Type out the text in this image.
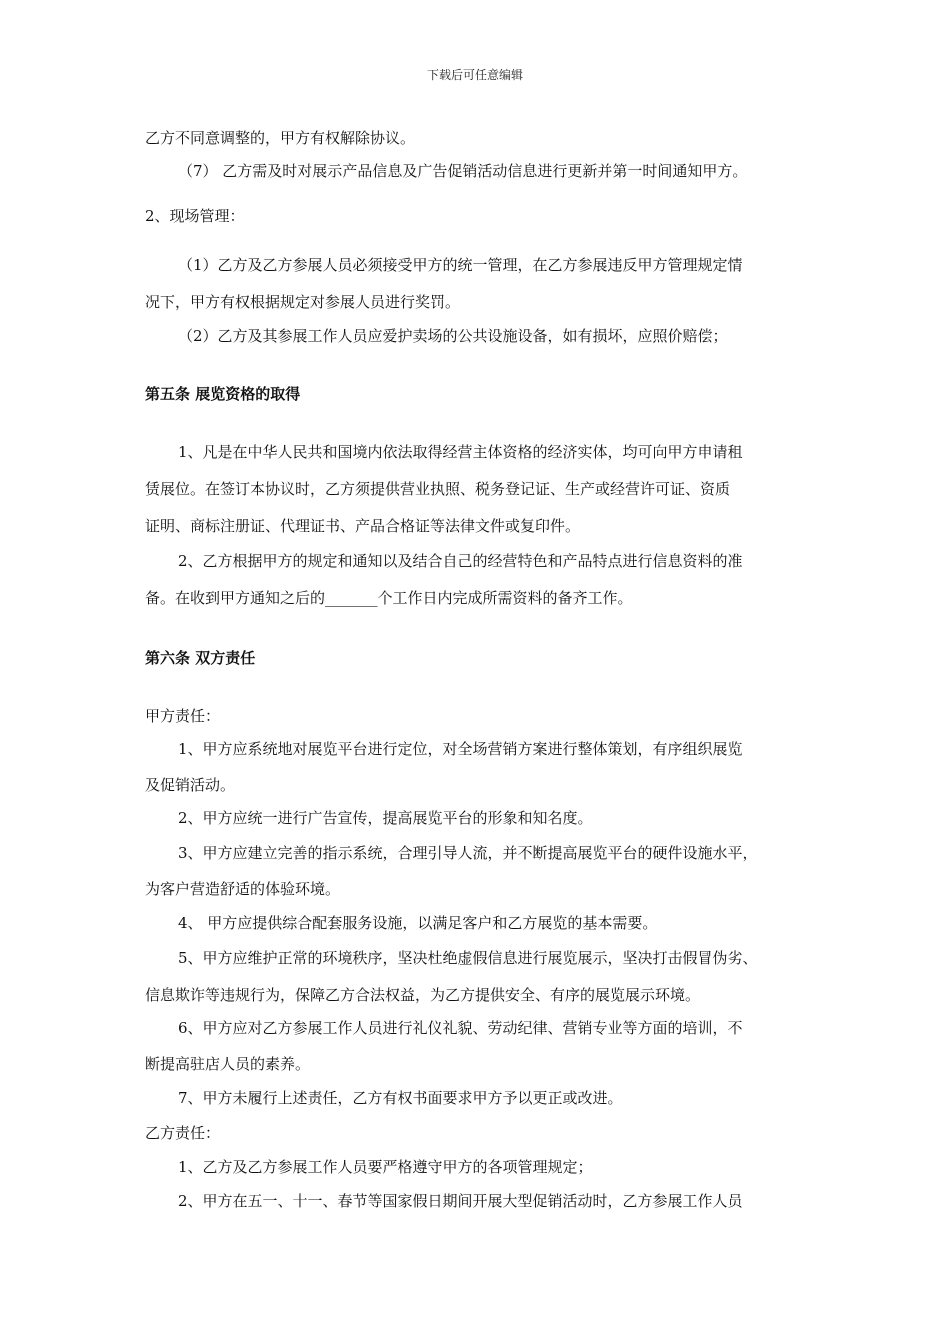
下载后可任意编辑
乙方不同意调整的，甲方有权解除协议。
（7） 乙方需及时对展示产品信息及广告促销活动信息进行更新并第一时间通知甲方。
2、现场管理：
（1）乙方及乙方参展人员必须接受甲方的统一管理，在乙方参展违反甲方管理规定情
况下，甲方有权根据规定对参展人员进行奖罚。
（2）乙方及其参展工作人员应爱护卖场的公共设施设备，如有损坏，应照价赔偿；
第五条 展览资格的取得
1、凡是在中华人民共和国境内依法取得经营主体资格的经济实体，均可向甲方申请租
赁展位。在签订本协议时，乙方须提供营业执照、税务登记证、生产或经营许可证、资质
证明、商标注册证、代理证书、产品合格证等法律文件或复印件。
2、乙方根据甲方的规定和通知以及结合自己的经营特色和产品特点进行信息资料的准
备。在收到甲方通知之后的_______个工作日内完成所需资料的备齐工作。
第六条 双方责任
甲方责任：
1、甲方应系统地对展览平台进行定位，对全场营销方案进行整体策划，有序组织展览
及促销活动。
2、甲方应统一进行广告宣传，提高展览平台的形象和知名度。
3、甲方应建立完善的指示系统，合理引导人流，并不断提高展览平台的硬件设施水平，
为客户营造舒适的体验环境。
4、 甲方应提供综合配套服务设施，以满足客户和乙方展览的基本需要。
5、甲方应维护正常的环境秩序，坚决杜绝虚假信息进行展览展示，坚决打击假冒伪劣、
信息欺诈等违规行为，保障乙方合法权益，为乙方提供安全、有序的展览展示环境。
6、甲方应对乙方参展工作人员进行礼仪礼貌、劳动纪律、营销专业等方面的培训，不
断提高驻店人员的素养。
7、甲方未履行上述责任，乙方有权书面要求甲方予以更正或改进。
乙方责任：
1、乙方及乙方参展工作人员要严格遵守甲方的各项管理规定；
2、甲方在五一、十一、春节等国家假日期间开展大型促销活动时，乙方参展工作人员
